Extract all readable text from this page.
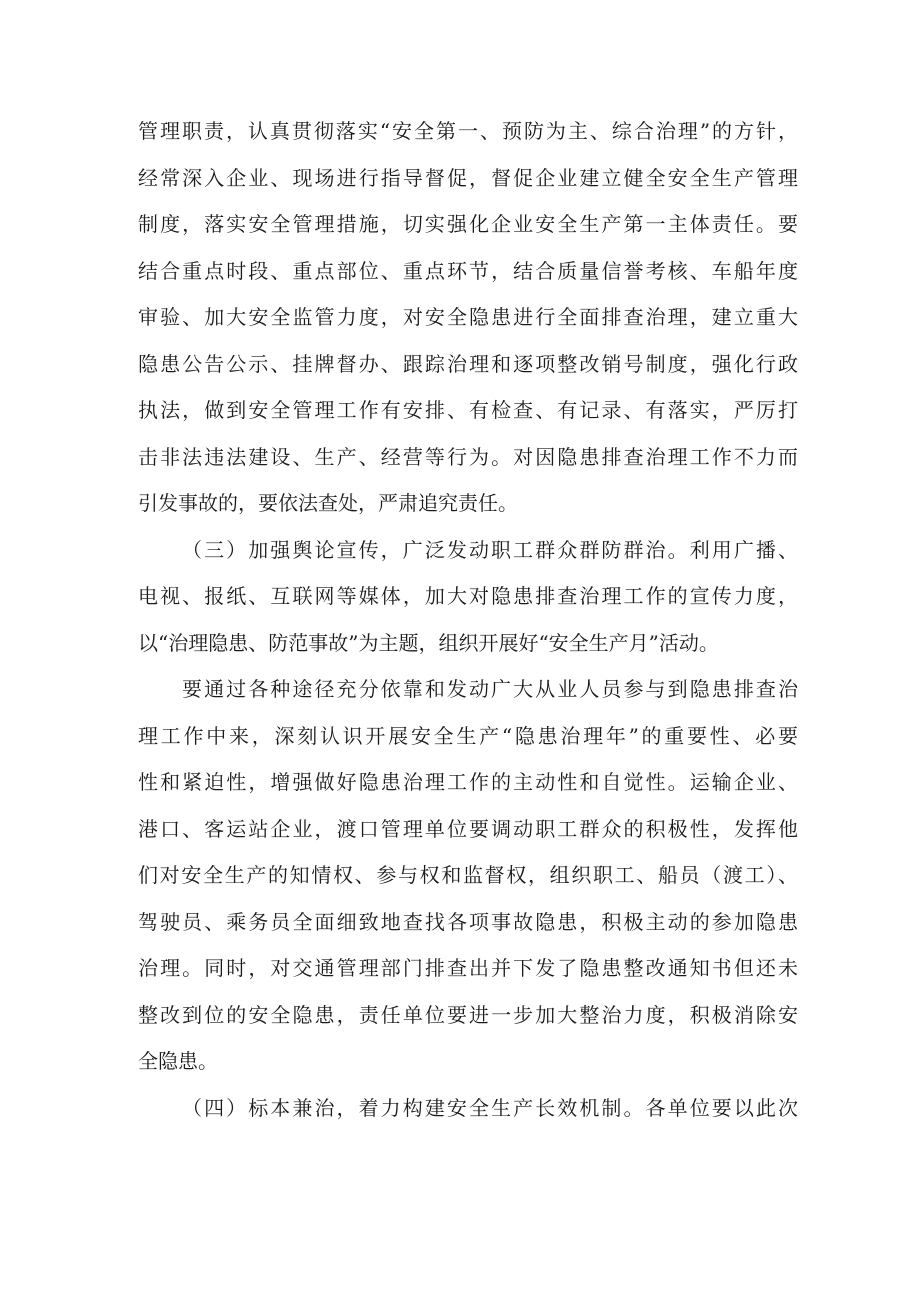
管理职责，认真贯彻落实“安全第一、预防为主、综合治理”的方针，
经常深入企业、现场进行指导督促，督促企业建立健全安全生产管理
制度，落实安全管理措施，切实强化企业安全生产第一主体责任。要
结合重点时段、重点部位、重点环节，结合质量信誉考核、车船年度
审验、加大安全监管力度，对安全隐患进行全面排查治理，建立重大
隐患公告公示、挂牌督办、跟踪治理和逐项整改销号制度，强化行政
执法，做到安全管理工作有安排、有检查、有记录、有落实，严厉打
击非法违法建设、生产、经营等行为。对因隐患排查治理工作不力而
引发事故的，要依法查处，严肃追究责任。
（三）加强舆论宣传，广泛发动职工群众群防群治。利用广播、
电视、报纸、互联网等媒体，加大对隐患排查治理工作的宣传力度，
以“治理隐患、防范事故”为主题，组织开展好“安全生产月”活动。
要通过各种途径充分依靠和发动广大从业人员参与到隐患排查治
理工作中来，深刻认识开展安全生产“隐患治理年”的重要性、必要
性和紧迫性，增强做好隐患治理工作的主动性和自觉性。运输企业、
港口、客运站企业，渡口管理单位要调动职工群众的积极性，发挥他
们对安全生产的知情权、参与权和监督权，组织职工、船员（渡工）、
驾驶员、乘务员全面细致地查找各项事故隐患，积极主动的参加隐患
治理。同时，对交通管理部门排查出并下发了隐患整改通知书但还未
整改到位的安全隐患，责任单位要进一步加大整治力度，积极消除安
全隐患。
（四）标本兼治，着力构建安全生产长效机制。各单位要以此次
